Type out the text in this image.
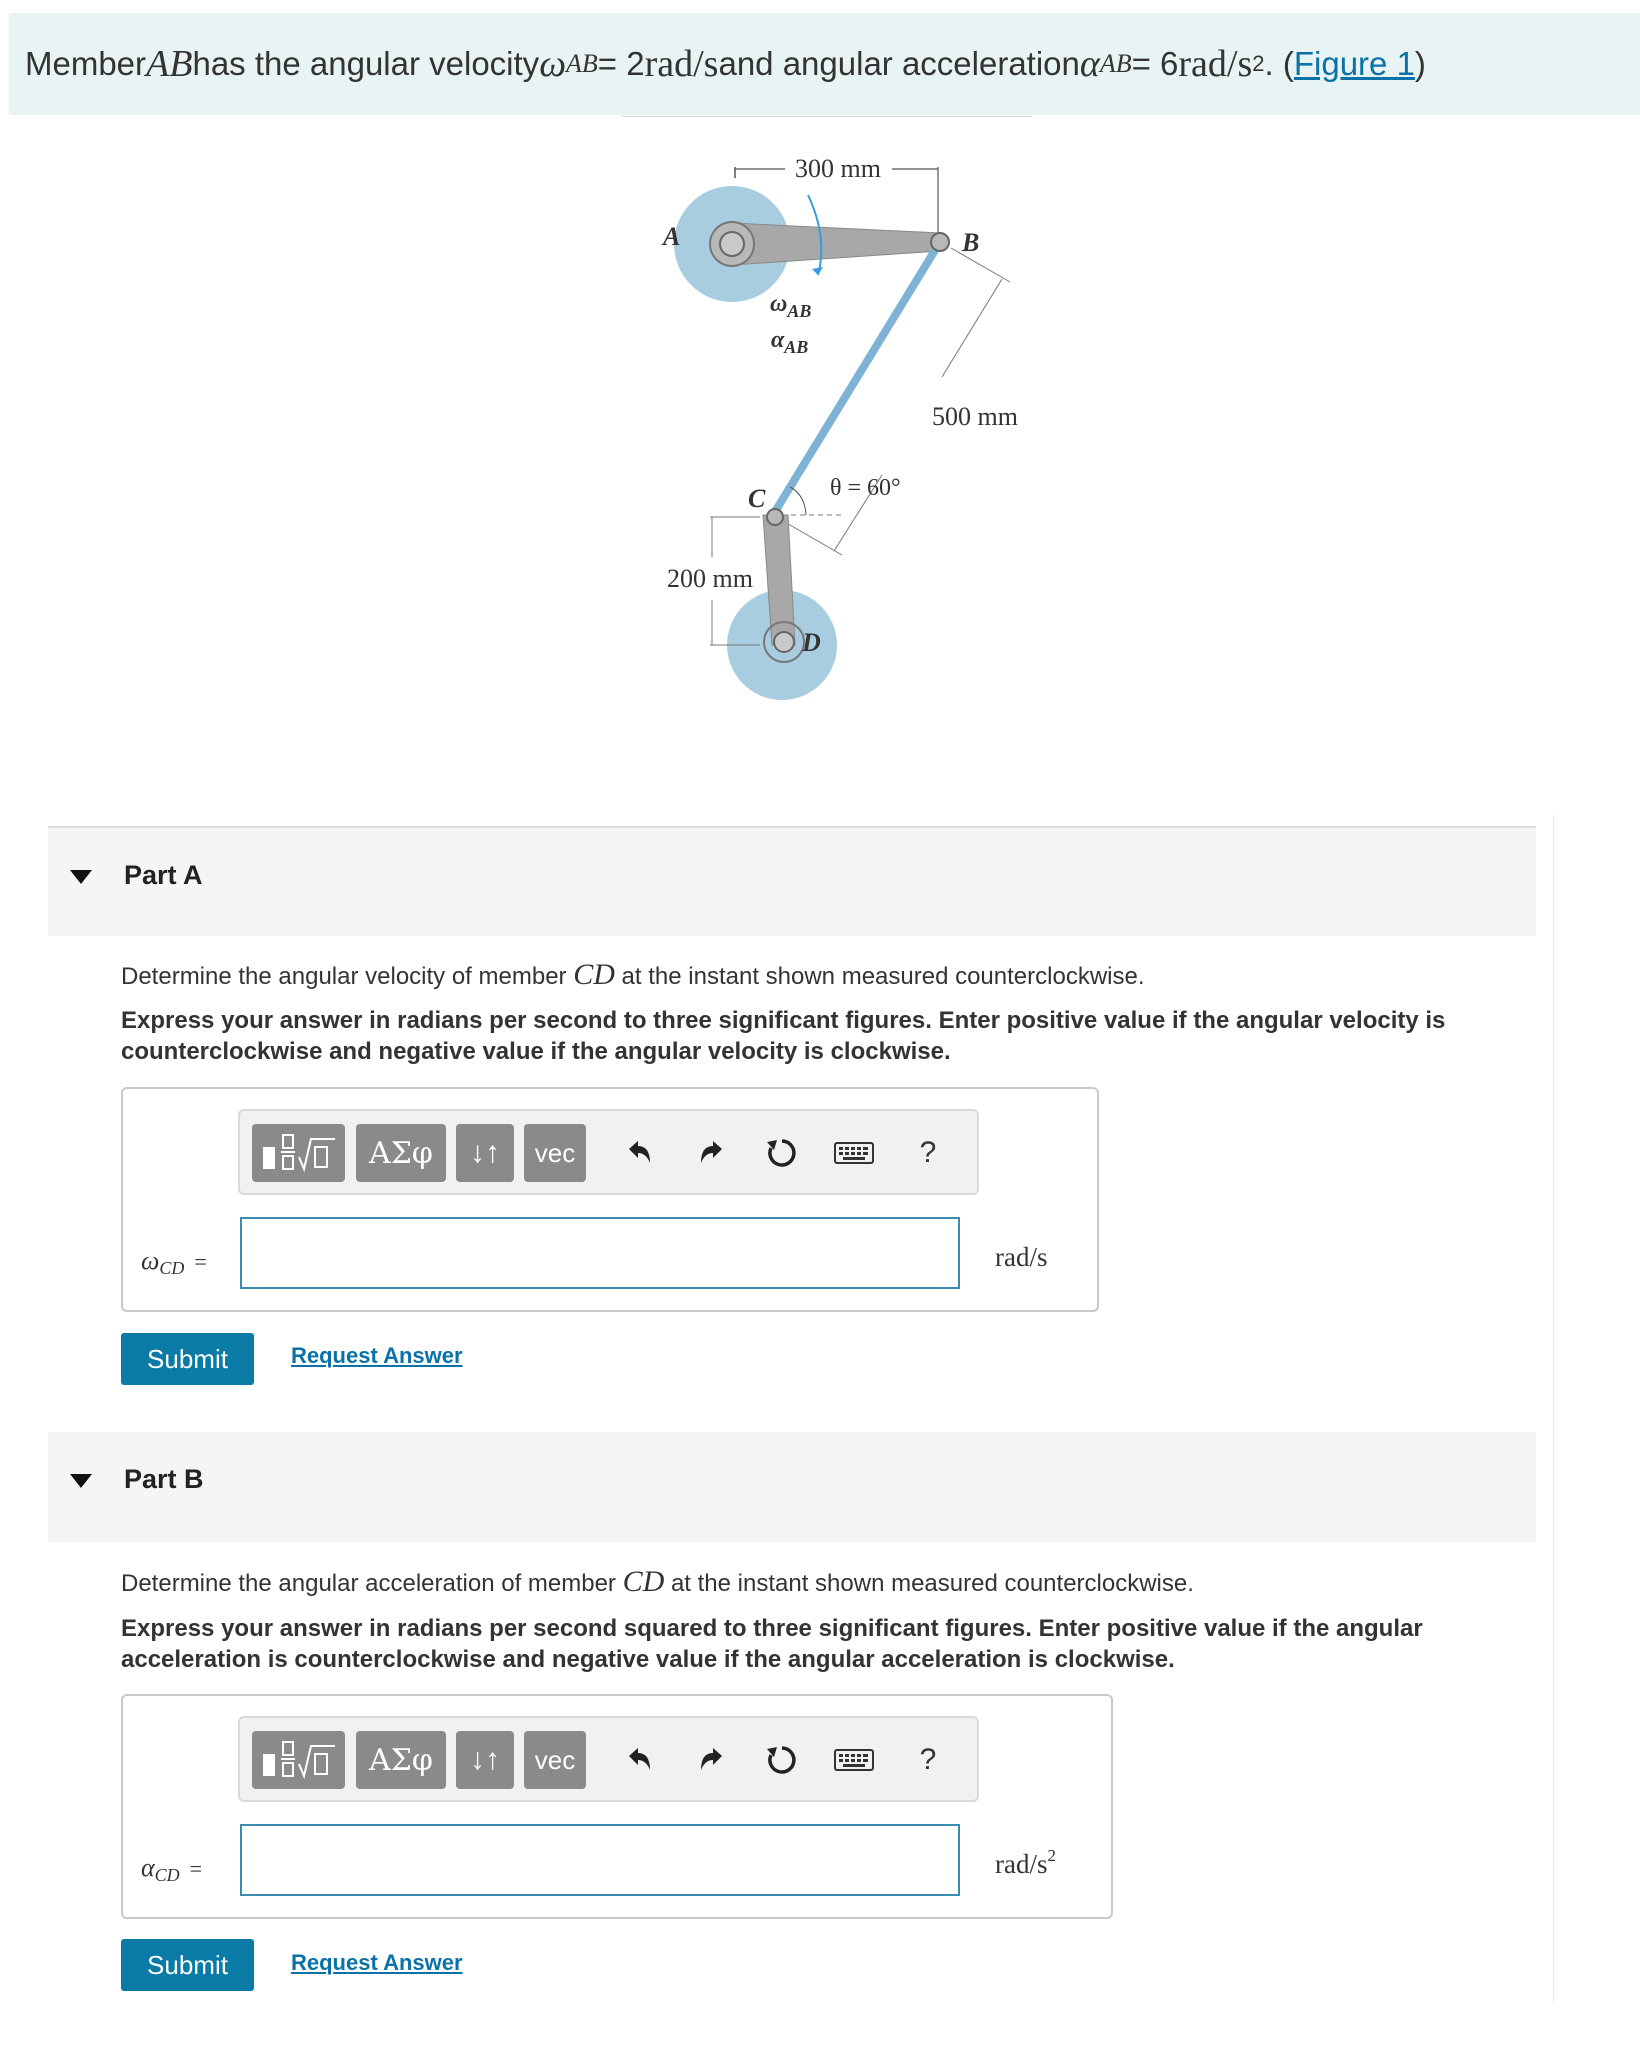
Member AB has the angular velocity ω AB = 2 rad/s and angular acceleration α AB = 6 rad/s 2 . ( Figure 1 )
300 mm
500 mm
θ = 60°
200 mm
A	B
C
D
$\omega_{AB}$
$\alpha_{AB}$
Part A
Determine the angular velocity of member CD at the instant shown measured counterclockwise.
Express your answer in radians per second to three significant figures. Enter positive value if the angular velocity is counterclockwise and negative value if the angular velocity is clockwise.
ΑΣφ	↓↑	vec	?
$\omega_{CD}$ =	rad/s
Submit	Request Answer
Part B
Determine the angular acceleration of member CD at the instant shown measured counterclockwise.
Express your answer in radians per second squared to three significant figures. Enter positive value if the angular acceleration is counterclockwise and negative value if the angular acceleration is clockwise.
ΑΣφ	↓↑	vec	?
$\alpha_{CD}$ =	rad/$s^2$
Submit	Request Answer
